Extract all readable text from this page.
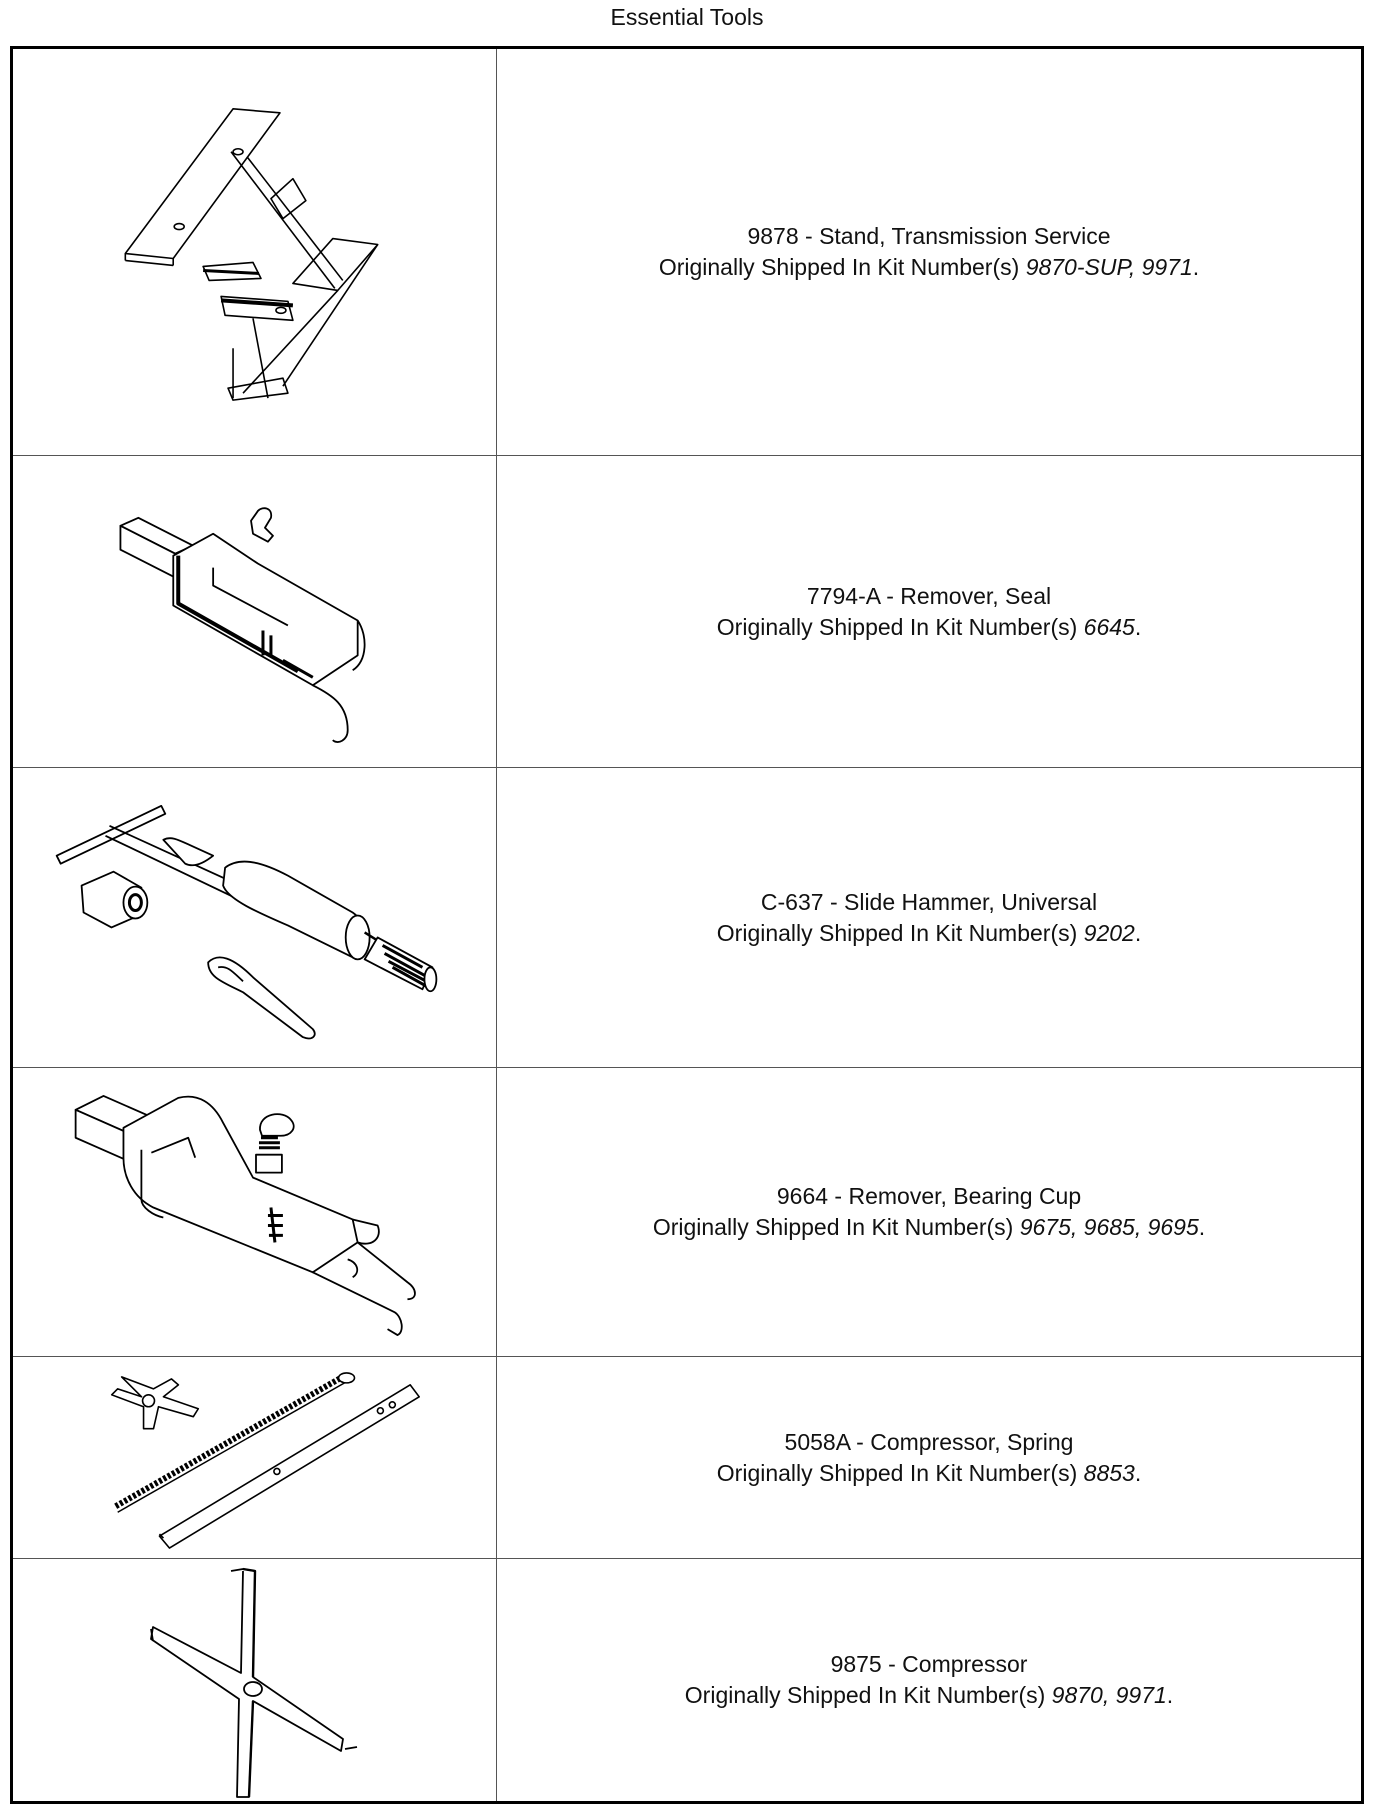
Essential Tools
9878 - Stand, Transmission Service
Originally Shipped In Kit Number(s) 9870-SUP, 9971.
7794-A - Remover, Seal
Originally Shipped In Kit Number(s) 6645.
C-637 - Slide Hammer, Universal
Originally Shipped In Kit Number(s) 9202.
9664 - Remover, Bearing Cup
Originally Shipped In Kit Number(s) 9675, 9685, 9695.
5058A - Compressor, Spring
Originally Shipped In Kit Number(s) 8853.
9875 - Compressor
Originally Shipped In Kit Number(s) 9870, 9971.
